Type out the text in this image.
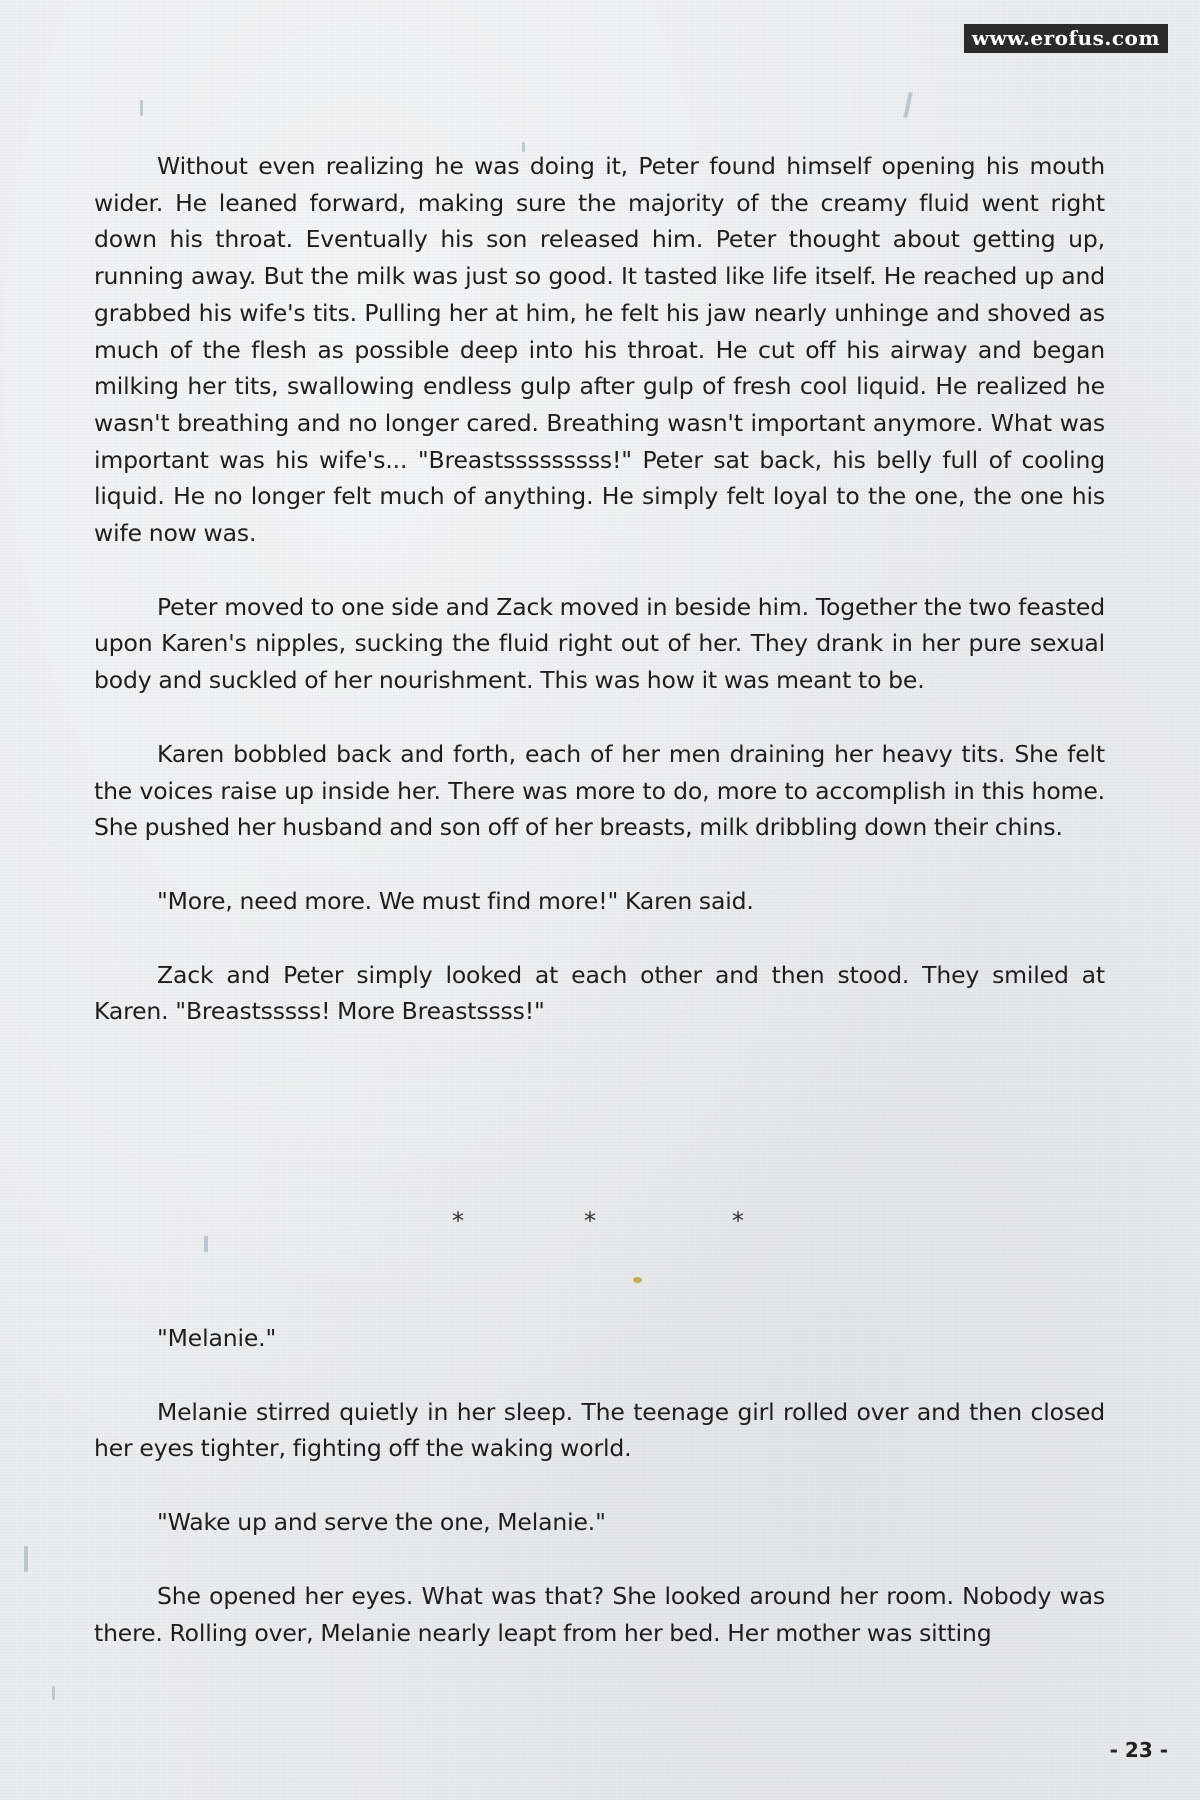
www.erofus.com

Without even realizing he was doing it, Peter found himself opening his mouth wider. He leaned forward, making sure the majority of the creamy fluid went right down his throat. Eventually his son released him. Peter thought about getting up, running away. But the milk was just so good. It tasted like life itself. He reached up and grabbed his wife's tits. Pulling her at him, he felt his jaw nearly unhinge and shoved as much of the flesh as possible deep into his throat. He cut off his airway and began milking her tits, swallowing endless gulp after gulp of fresh cool liquid. He realized he wasn't breathing and no longer cared. Breathing wasn't important anymore. What was important was his wife's... "Breastsssssssss!" Peter sat back, his belly full of cooling liquid. He no longer felt much of anything. He simply felt loyal to the one, the one his wife now was.

Peter moved to one side and Zack moved in beside him. Together the two feasted upon Karen's nipples, sucking the fluid right out of her. They drank in her pure sexual body and suckled of her nourishment. This was how it was meant to be.

Karen bobbled back and forth, each of her men draining her heavy tits. She felt the voices raise up inside her. There was more to do, more to accomplish in this home. She pushed her husband and son off of her breasts, milk dribbling down their chins.

"More, need more. We must find more!" Karen said.

Zack and Peter simply looked at each other and then stood. They smiled at Karen. "Breastsssss! More Breastssss!"

*	*	*

"Melanie."

Melanie stirred quietly in her sleep. The teenage girl rolled over and then closed her eyes tighter, fighting off the waking world.

"Wake up and serve the one, Melanie."

She opened her eyes. What was that? She looked around her room. Nobody was there. Rolling over, Melanie nearly leapt from her bed. Her mother was sitting

- 23 -
